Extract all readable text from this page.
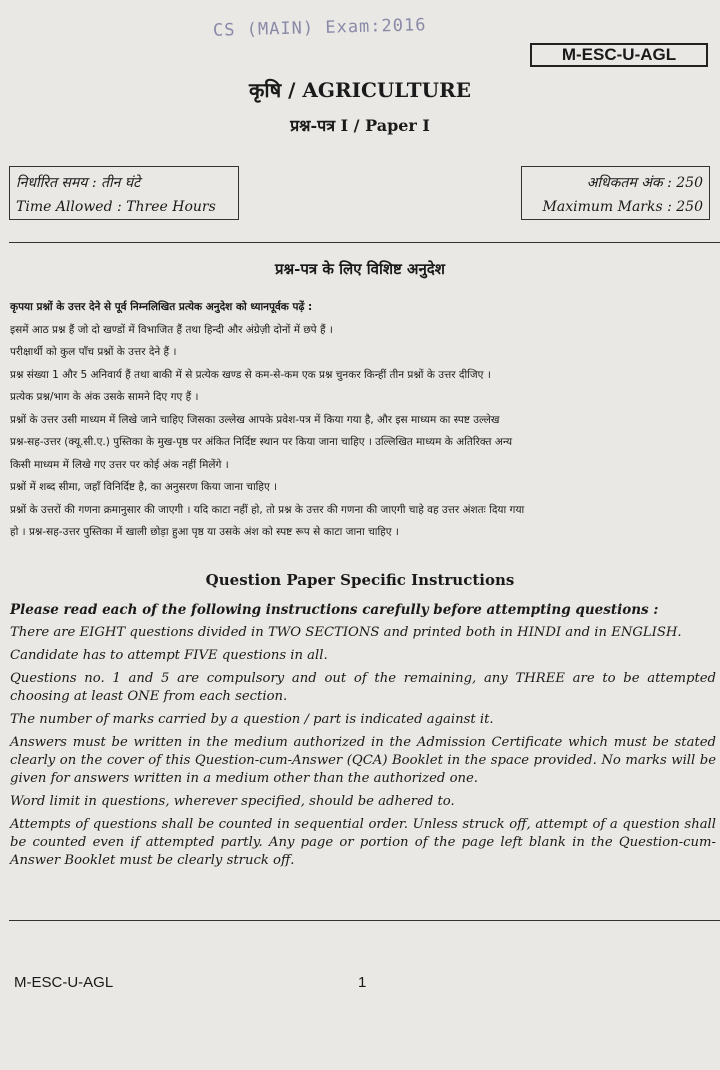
CS (MAIN) Exam:2016
M-ESC-U-AGL
कृषि / AGRICULTURE
प्रश्न-पत्र I / Paper I
निर्धारित समय : तीन घंटे
Time Allowed : Three Hours
अधिकतम अंक : 250
Maximum Marks : 250
प्रश्न-पत्र के लिए विशिष्ट अनुदेश
कृपया प्रश्नों के उत्तर देने से पूर्व निम्नलिखित प्रत्येक अनुदेश को ध्यानपूर्वक पढ़ें :
इसमें आठ प्रश्न हैं जो दो खण्डों में विभाजित हैं तथा हिन्दी और अंग्रेज़ी दोनों में छपे हैं ।
परीक्षार्थी को कुल पाँच प्रश्नों के उत्तर देने हैं ।
प्रश्न संख्या 1 और 5 अनिवार्य हैं तथा बाकी में से प्रत्येक खण्ड से कम-से-कम एक प्रश्न चुनकर किन्हीं तीन प्रश्नों के उत्तर दीजिए ।
प्रत्येक प्रश्न/भाग के अंक उसके सामने दिए गए हैं ।
प्रश्नों के उत्तर उसी माध्यम में लिखे जाने चाहिए जिसका उल्लेख आपके प्रवेश-पत्र में किया गया है, और इस माध्यम का स्पष्ट उल्लेख
प्रश्न-सह-उत्तर (क्यू.सी.ए.) पुस्तिका के मुख-पृष्ठ पर अंकित निर्दिष्ट स्थान पर किया जाना चाहिए । उल्लिखित माध्यम के अतिरिक्त अन्य
किसी माध्यम में लिखे गए उत्तर पर कोई अंक नहीं मिलेंगे ।
प्रश्नों में शब्द सीमा, जहाँ विनिर्दिष्ट है, का अनुसरण किया जाना चाहिए ।
प्रश्नों के उत्तरों की गणना क्रमानुसार की जाएगी । यदि काटा नहीं हो, तो प्रश्न के उत्तर की गणना की जाएगी चाहे वह उत्तर अंशतः दिया गया
हो । प्रश्न-सह-उत्तर पुस्तिका में खाली छोड़ा हुआ पृष्ठ या उसके अंश को स्पष्ट रूप से काटा जाना चाहिए ।
Question Paper Specific Instructions

Please read each of the following instructions carefully before attempting questions :

There are EIGHT questions divided in TWO SECTIONS and printed both in HINDI and in ENGLISH.

Candidate has to attempt FIVE questions in all.

Questions no. 1 and 5 are compulsory and out of the remaining, any THREE are to be attempted choosing at least ONE from each section.

The number of marks carried by a question / part is indicated against it.

Answers must be written in the medium authorized in the Admission Certificate which must be stated clearly on the cover of this Question-cum-Answer (QCA) Booklet in the space provided. No marks will be given for answers written in a medium other than the authorized one.

Word limit in questions, wherever specified, should be adhered to.

Attempts of questions shall be counted in sequential order. Unless struck off, attempt of a question shall be counted even if attempted partly. Any page or portion of the page left blank in the Question-cum-Answer Booklet must be clearly struck off.

M-ESC-U-AGL	1
